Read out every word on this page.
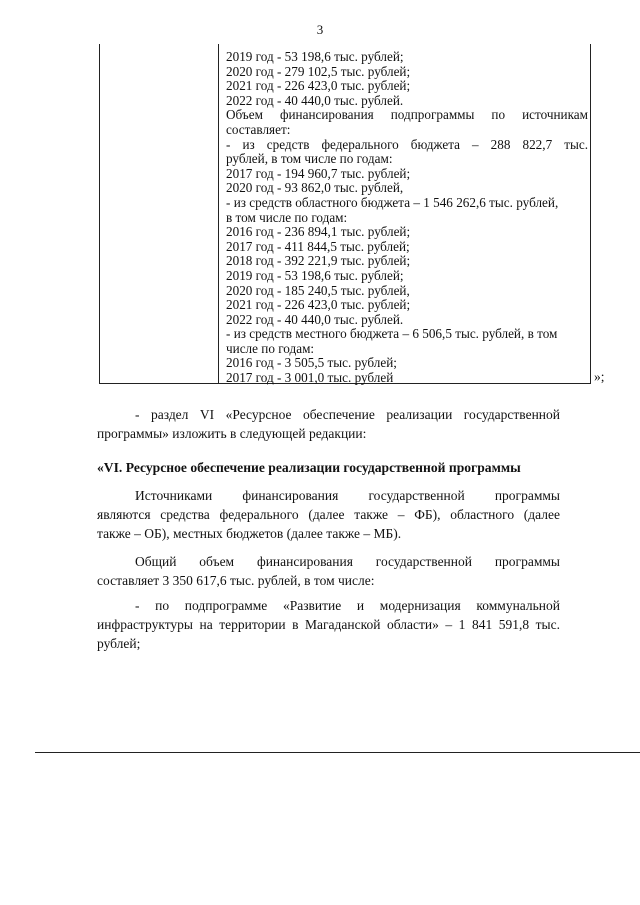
3
2019 год - 53 198,6 тыс. рублей;
2020 год - 279 102,5 тыс. рублей;
2021 год - 226 423,0 тыс. рублей;
2022 год - 40 440,0 тыс. рублей.
Объем финансирования подпрограммы по источникам
составляет:
- из средств федерального бюджета – 288 822,7 тыс.
рублей, в том числе по годам:
2017 год - 194 960,7 тыс. рублей;
2020 год - 93 862,0 тыс. рублей,
- из средств областного бюджета – 1 546 262,6 тыс. рублей,
в том числе по годам:
2016 год - 236 894,1 тыс. рублей;
2017 год - 411 844,5 тыс. рублей;
2018 год - 392 221,9 тыс. рублей;
2019 год - 53 198,6 тыс. рублей;
2020 год - 185 240,5 тыс. рублей,
2021 год - 226 423,0 тыс. рублей;
2022 год - 40 440,0 тыс. рублей.
- из средств местного бюджета – 6 506,5 тыс. рублей, в том
числе по годам:
2016 год - 3 505,5 тыс. рублей;
2017 год - 3 001,0 тыс. рублей	»;
- раздел VI «Ресурсное обеспечение реализации государственной
программы» изложить в следующей редакции:
«VI. Ресурсное обеспечение реализации государственной программы
Источниками финансирования государственной программы
являются средства федерального (далее также – ФБ), областного (далее
также – ОБ), местных бюджетов (далее также – МБ).
Общий объем финансирования государственной программы
составляет 3 350 617,6 тыс. рублей, в том числе:
- по подпрограмме «Развитие и модернизация коммунальной
инфраструктуры на территории в Магаданской области» – 1 841 591,8 тыс.
рублей;
